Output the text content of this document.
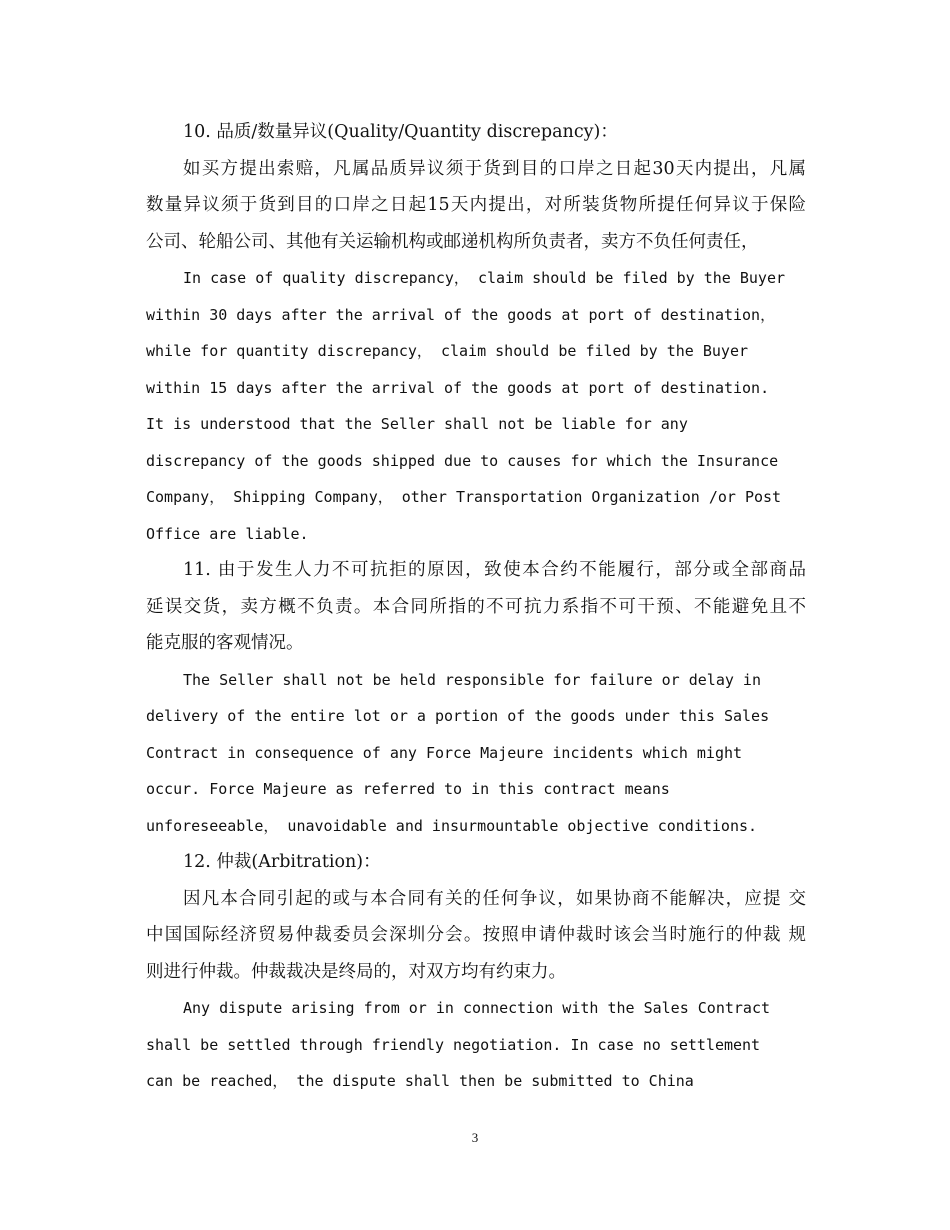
10. 品质/数量异议(Quality/Quantity discrepancy)：
如买方提出索赔，凡属品质异议须于货到目的口岸之日起30天内提出，凡属
数量异议须于货到目的口岸之日起15天内提出，对所装货物所提任何异议于保险
公司、轮船公司、其他有关运输机构或邮递机构所负责者，卖方不负任何责任，
In case of quality discrepancy， claim should be filed by the Buyer
within 30 days after the arrival of the goods at port of destination，
while for quantity discrepancy， claim should be filed by the Buyer
within 15 days after the arrival of the goods at port of destination.
It is understood that the Seller shall not be liable for any
discrepancy of the goods shipped due to causes for which the Insurance
Company， Shipping Company， other Transportation Organization /or Post
Office are liable.
11. 由于发生人力不可抗拒的原因，致使本合约不能履行，部分或全部商品
延误交货，卖方概不负责。本合同所指的不可抗力系指不可干预、不能避免且不
能克服的客观情况。
The Seller shall not be held responsible for failure or delay in
delivery of the entire lot or a portion of the goods under this Sales
Contract in consequence of any Force Majeure incidents which might
occur. Force Majeure as referred to in this contract means
unforeseeable， unavoidable and insurmountable objective conditions.
12. 仲裁(Arbitration)：
因凡本合同引起的或与本合同有关的任何争议，如果协商不能解决，应提 交
中国国际经济贸易仲裁委员会深圳分会。按照申请仲裁时该会当时施行的仲裁 规
则进行仲裁。仲裁裁决是终局的，对双方均有约束力。
Any dispute arising from or in connection with the Sales Contract
shall be settled through friendly negotiation. In case no settlement
can be reached， the dispute shall then be submitted to China
3
